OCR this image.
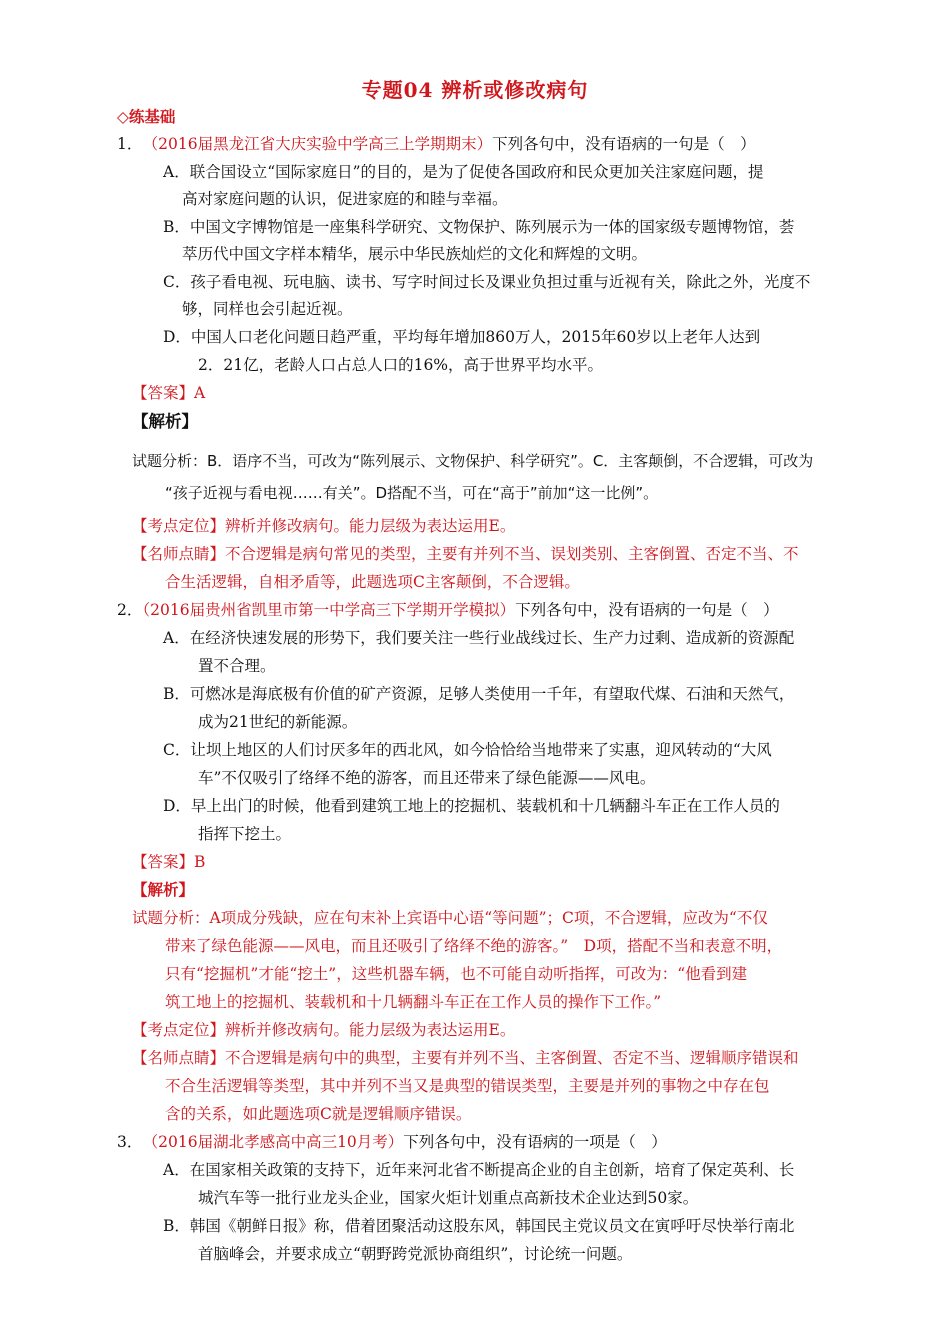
专题04 辨析或修改病句
◇练基础
1． （2016届黑龙江省大庆实验中学高三上学期期末）下列各句中，没有语病的一句是（　）
A．联合国设立“国际家庭日”的目的，是为了促使各国政府和民众更加关注家庭问题，提
高对家庭问题的认识，促进家庭的和睦与幸福。
B．中国文字博物馆是一座集科学研究、文物保护、陈列展示为一体的国家级专题博物馆，荟
萃历代中国文字样本精华，展示中华民族灿烂的文化和辉煌的文明。
C．孩子看电视、玩电脑、读书、写字时间过长及课业负担过重与近视有关，除此之外，光度不
够，同样也会引起近视。
D．中国人口老化问题日趋严重，平均每年增加860万人，2015年60岁以上老年人达到
2．21亿，老龄人口占总人口的16%，高于世界平均水平。
【答案】A
【解析】
试题分析：B．语序不当，可改为“陈列展示、文物保护、科学研究”。C．主客颠倒，不合逻辑，可改为
“孩子近视与看电视……有关”。D搭配不当，可在“高于”前加“这一比例”。
【考点定位】辨析并修改病句。能力层级为表达运用E。
【名师点睛】不合逻辑是病句常见的类型，主要有并列不当、误划类别、主客倒置、否定不当、不
合生活逻辑，自相矛盾等，此题选项C主客颠倒，不合逻辑。
2．（2016届贵州省凯里市第一中学高三下学期开学模拟）下列各句中，没有语病的一句是（　）
A．在经济快速发展的形势下，我们要关注一些行业战线过长、生产力过剩、造成新的资源配
置不合理。
B．可燃冰是海底极有价值的矿产资源，足够人类使用一千年，有望取代煤、石油和天然气，
成为21世纪的新能源。
C．让坝上地区的人们讨厌多年的西北风，如今恰恰给当地带来了实惠，迎风转动的“大风
车”不仅吸引了络绎不绝的游客，而且还带来了绿色能源——风电。
D．早上出门的时候，他看到建筑工地上的挖掘机、装载机和十几辆翻斗车正在工作人员的
指挥下挖土。
【答案】B
【解析】
试题分析：A项成分残缺，应在句末补上宾语中心语“等问题”；C项，不合逻辑，应改为“不仅
带来了绿色能源——风电，而且还吸引了络绎不绝的游客。”　D项，搭配不当和表意不明，
只有“挖掘机”才能“挖土”，这些机器车辆，也不可能自动听指挥，可改为：“他看到建
筑工地上的挖掘机、装载机和十几辆翻斗车正在工作人员的操作下工作。”
【考点定位】辨析并修改病句。能力层级为表达运用E。
【名师点睛】不合逻辑是病句中的典型，主要有并列不当、主客倒置、否定不当、逻辑顺序错误和
不合生活逻辑等类型，其中并列不当又是典型的错误类型，主要是并列的事物之中存在包
含的关系，如此题选项C就是逻辑顺序错误。
3． （2016届湖北孝感高中高三10月考）下列各句中，没有语病的一项是（　）
A．在国家相关政策的支持下，近年来河北省不断提高企业的自主创新，培育了保定英利、长
城汽车等一批行业龙头企业，国家火炬计划重点高新技术企业达到50家。
B．韩国《朝鲜日报》称，借着团聚活动这股东风，韩国民主党议员文在寅呼吁尽快举行南北
首脑峰会，并要求成立“朝野跨党派协商组织”，讨论统一问题。
